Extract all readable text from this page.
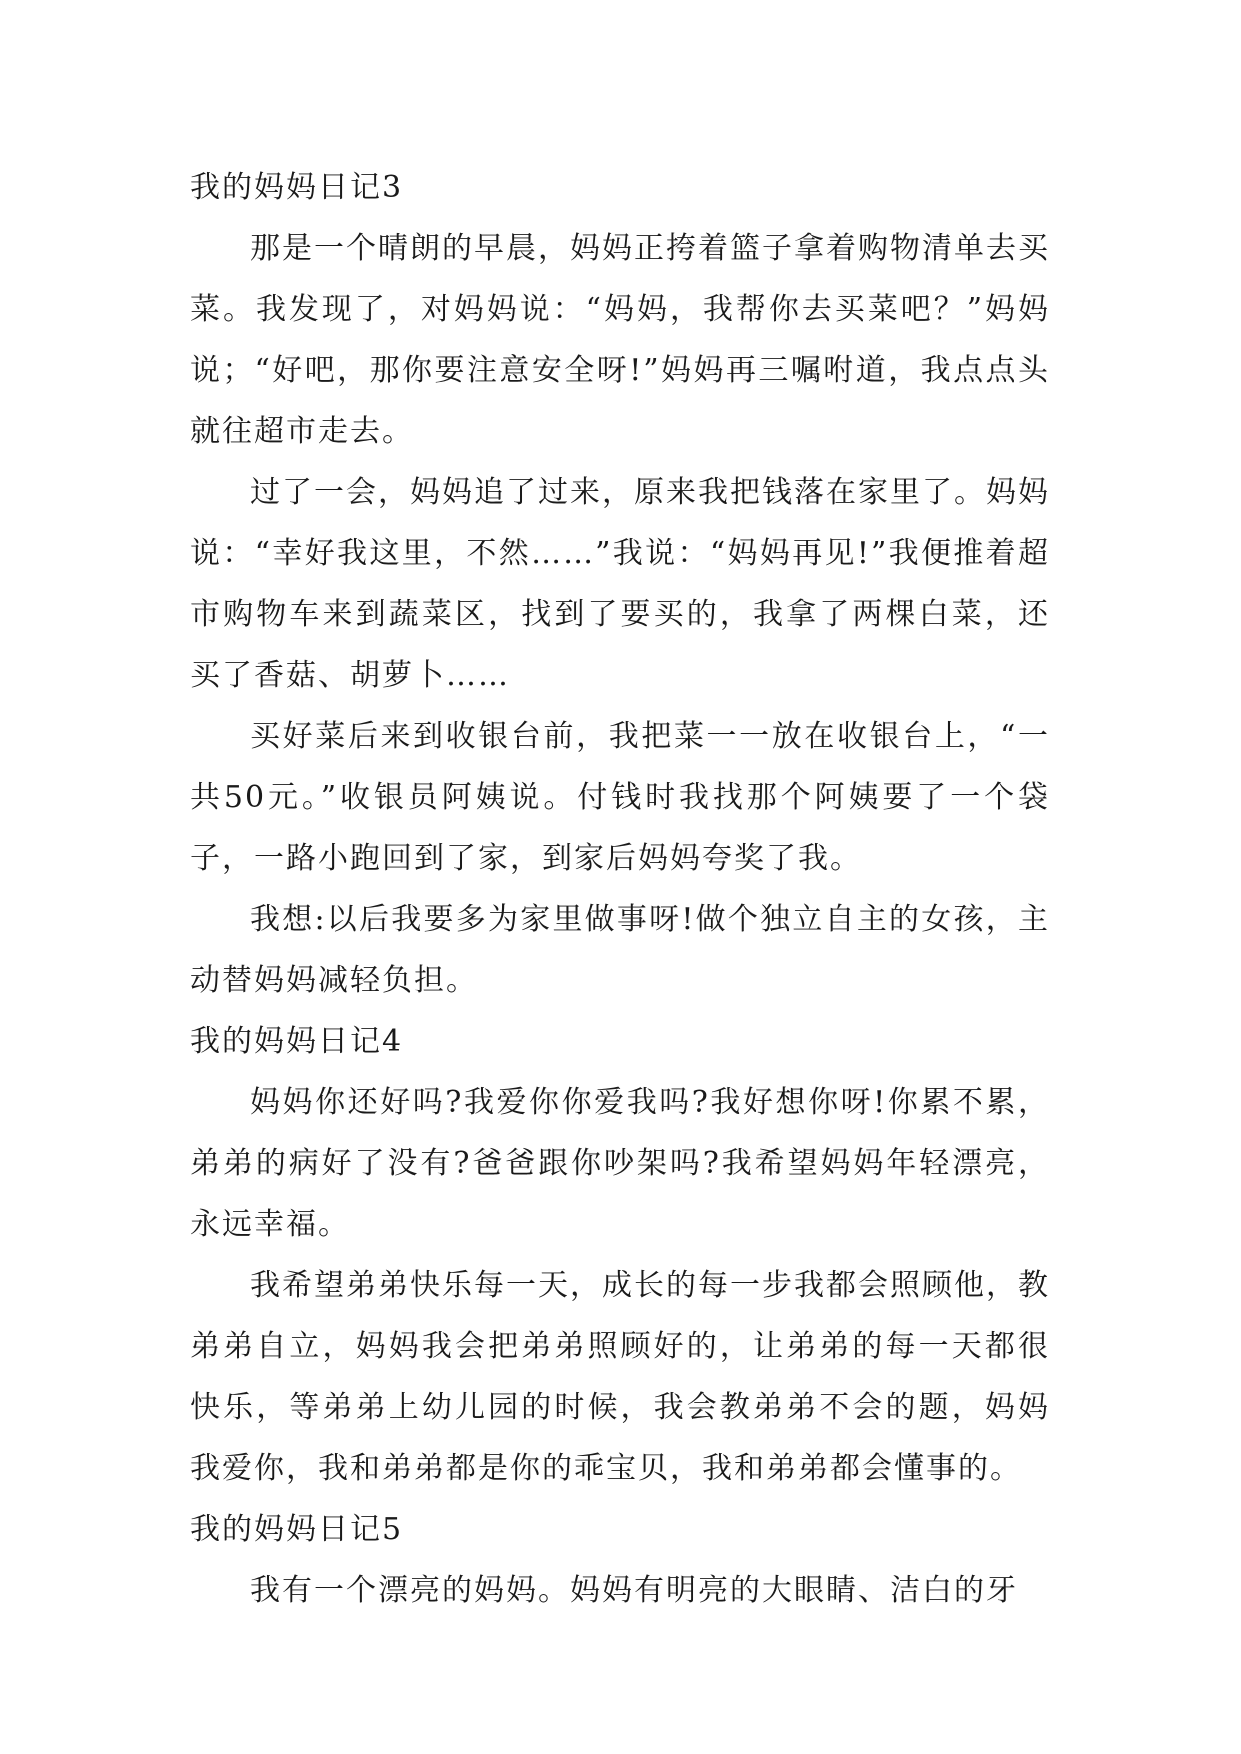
我的妈妈日记3

那是一个晴朗的早晨，妈妈正挎着篮子拿着购物清单去买菜。我发现了，对妈妈说：“妈妈，我帮你去买菜吧？”妈妈说；“好吧，那你要注意安全呀!”妈妈再三嘱咐道，我点点头就往超市走去。

过了一会，妈妈追了过来，原来我把钱落在家里了。妈妈说：“幸好我这里，不然……”我说：“妈妈再见!”我便推着超市购物车来到蔬菜区，找到了要买的，我拿了两棵白菜，还买了香菇、胡萝卜……

买好菜后来到收银台前，我把菜一一放在收银台上，“一共50元。”收银员阿姨说。付钱时我找那个阿姨要了一个袋子，一路小跑回到了家，到家后妈妈夸奖了我。

我想:以后我要多为家里做事呀!做个独立自主的女孩，主动替妈妈减轻负担。

我的妈妈日记4

妈妈你还好吗?我爱你你爱我吗?我好想你呀!你累不累，弟弟的病好了没有?爸爸跟你吵架吗?我希望妈妈年轻漂亮，永远幸福。

我希望弟弟快乐每一天，成长的每一步我都会照顾他，教弟弟自立，妈妈我会把弟弟照顾好的，让弟弟的每一天都很快乐，等弟弟上幼儿园的时候，我会教弟弟不会的题，妈妈我爱你，我和弟弟都是你的乖宝贝，我和弟弟都会懂事的。

我的妈妈日记5

我有一个漂亮的妈妈。妈妈有明亮的大眼睛、洁白的牙
